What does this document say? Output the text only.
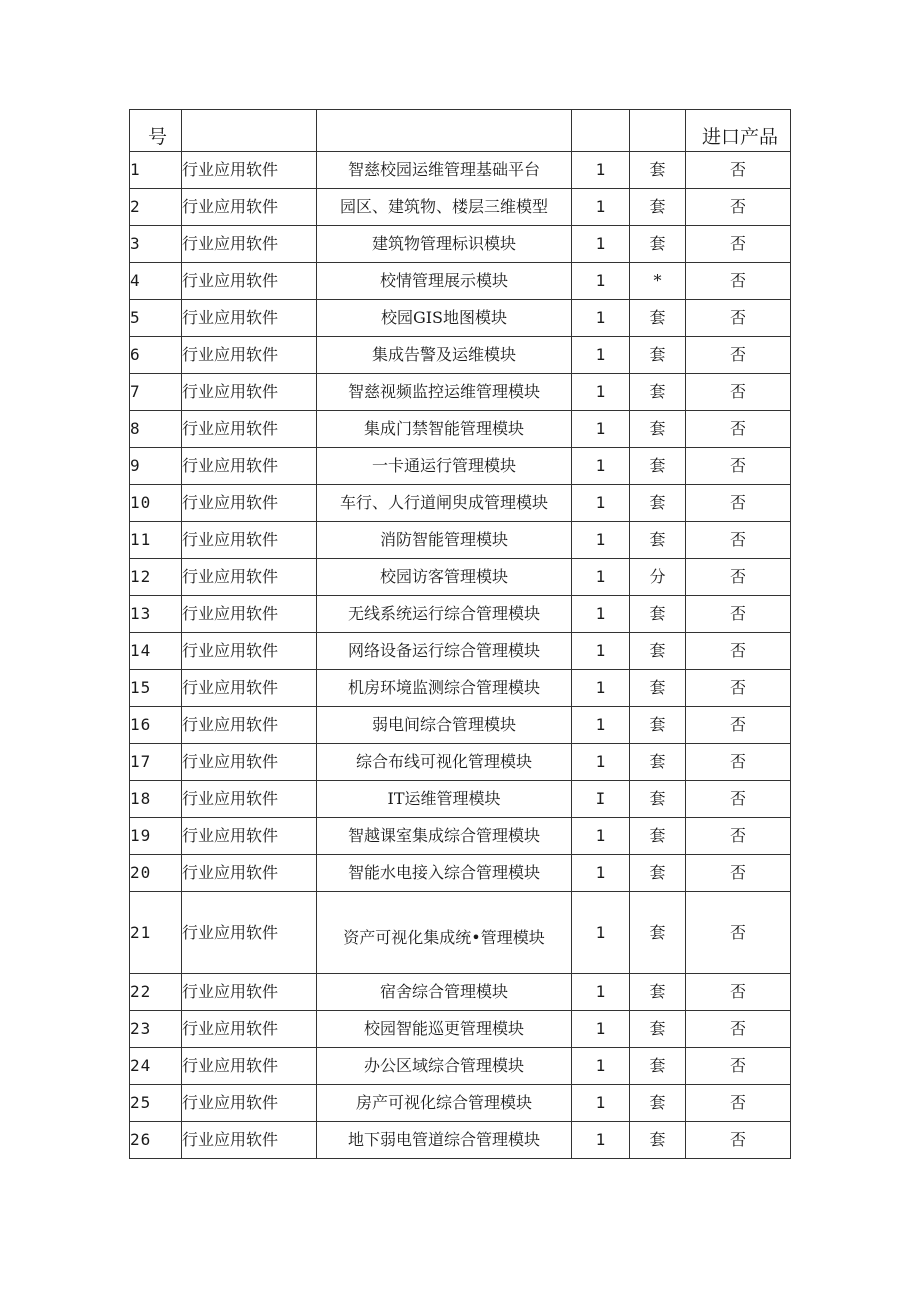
号					进口产品
1	行业应用软件	智慈校园运维管理基础平台	1	套	否
2	行业应用软件	园区、建筑物、楼层三维模型	1	套	否
3	行业应用软件	建筑物管理标识模块	1	套	否
4	行业应用软件	校情管理展示模块	1	*	否
5	行业应用软件	校园GIS地图模块	1	套	否
6	行业应用软件	集成告警及运维模块	1	套	否
7	行业应用软件	智慈视频监控运维管理模块	1	套	否
8	行业应用软件	集成门禁智能管理模块	1	套	否
9	行业应用软件	一卡通运行管理模块	1	套	否
10	行业应用软件	车行、人行道闸臾成管理模块	1	套	否
11	行业应用软件	消防智能管理模块	1	套	否
12	行业应用软件	校园访客管理模块	1	分	否
13	行业应用软件	无线系统运行综合管理模块	1	套	否
14	行业应用软件	网络设备运行综合管理模块	1	套	否
15	行业应用软件	机房环境监测综合管理模块	1	套	否
16	行业应用软件	弱电间综合管理模块	1	套	否
17	行业应用软件	综合布线可视化管理模块	1	套	否
18	行业应用软件	IT运维管理模块	I	套	否
19	行业应用软件	智越课室集成综合管理模块	1	套	否
20	行业应用软件	智能水电接入综合管理模块	1	套	否
21	行业应用软件	资产可视化集成统•管理模块	1	套	否
22	行业应用软件	宿舍综合管理模块	1	套	否
23	行业应用软件	校园智能巡更管理模块	1	套	否
24	行业应用软件	办公区域综合管理模块	1	套	否
25	行业应用软件	房产可视化综合管理模块	1	套	否
26	行业应用软件	地下弱电管道综合管理模块	1	套	否
